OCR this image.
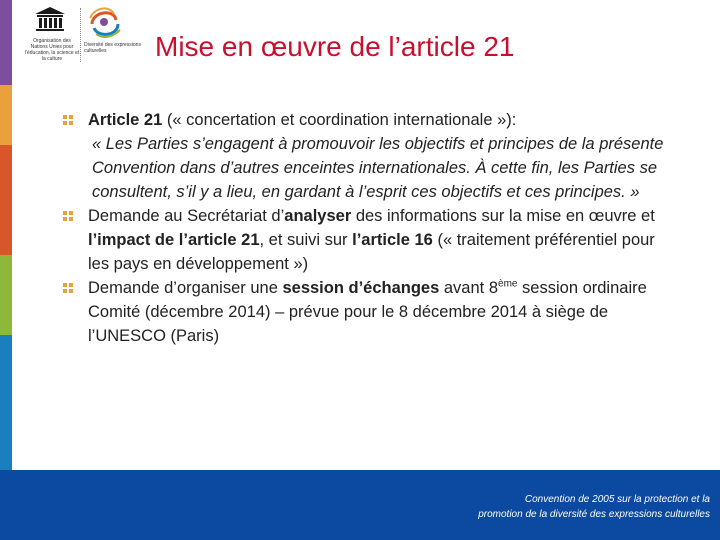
Organisation des Nations Unies pour l’éducation, la science et la culture
Diversité des expressions culturelles	Mise en œuvre de l’article 21
Article 21 (« concertation et coordination internationale »):
« Les Parties s’engagent à promouvoir les objectifs et principes de la présente Convention dans d’autres enceintes internationales. À cette fin, les Parties se consultent, s’il y a lieu, en gardant à l’esprit ces objectifs et ces principes. »
Demande au Secrétariat d’analyser des informations sur la mise en œuvre et l’impact de l’article 21, et suivi sur l’article 16 (« traitement préférentiel pour les pays en développement »)
Demande d’organiser une session d’échanges avant 8ème session ordinaire Comité (décembre 2014) – prévue pour le 8 décembre 2014 à siège de l’UNESCO (Paris)
Convention de 2005 sur la protection et la
promotion de la diversité des expressions culturelles
